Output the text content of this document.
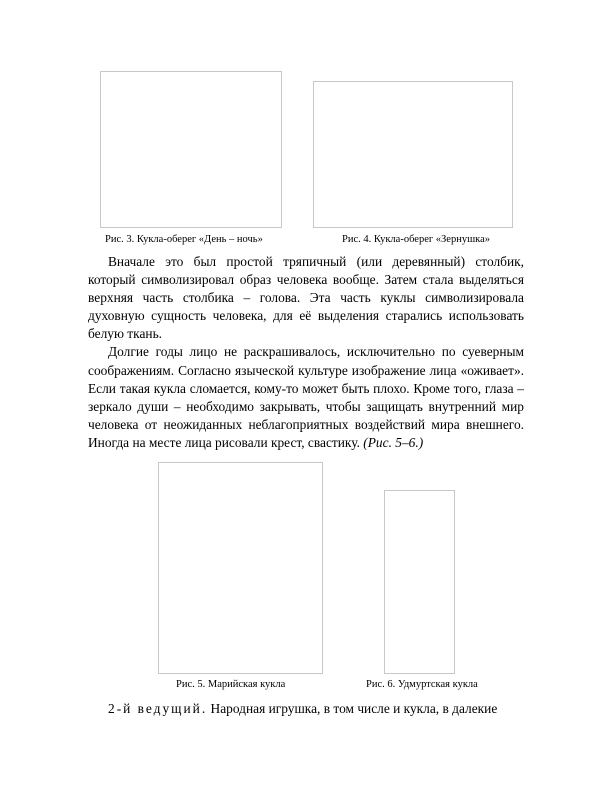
Рис. 3. Кукла-оберег «День – ночь»	Рис. 4. Кукла-оберег «Зернушка»

Вначале это был простой тряпичный (или деревянный) столбик, который символизировал образ человека вообще. Затем стала выделяться верхняя часть столбика – голова. Эта часть куклы символизировала духовную сущность человека, для её выделения старались использовать белую ткань.

Долгие годы лицо не раскрашивалось, исключительно по суеверным соображениям. Согласно языческой культуре изображение лица «оживает». Если такая кукла сломается, кому-то может быть плохо. Кроме того, глаза – зеркало души – необходимо закрывать, чтобы защищать внутренний мир человека от неожиданных неблагоприятных воздействий мира внешнего. Иногда на месте лица рисовали крест, свастику. (Рис. 5–6.)

Рис. 5. Марийская кукла	Рис. 6. Удмуртская кукла

2-й ведущий. Народная игрушка, в том числе и кукла, в далекие
